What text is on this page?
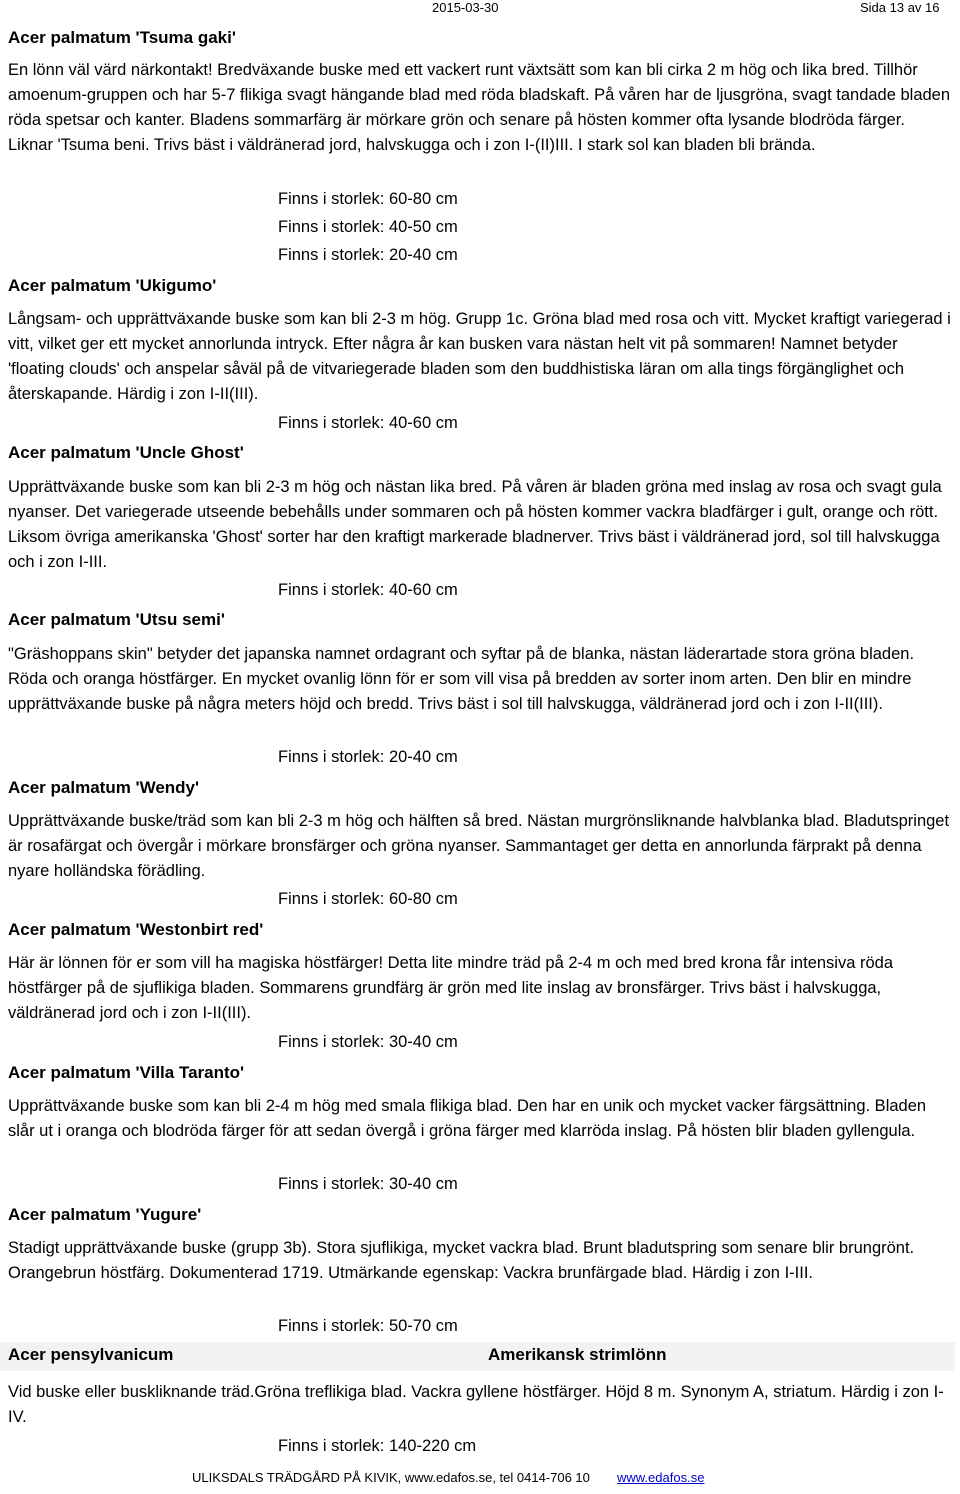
2015-03-30	Sida 13 av 16
Acer palmatum 'Tsuma gaki'
En lönn väl värd närkontakt! Bredväxande buske med ett vackert runt växtsätt som kan bli cirka 2 m hög och lika bred. Tillhör amoenum-gruppen och har 5-7 flikiga svagt hängande blad med röda bladskaft. På våren har de ljusgröna, svagt tandade bladen röda spetsar och kanter. Bladens sommarfärg är mörkare grön och senare på hösten kommer ofta lysande blodröda färger. Liknar 'Tsuma beni. Trivs bäst i väldränerad jord, halvskugga och i zon I-(II)III. I stark sol kan bladen bli brända.
Finns i storlek: 60-80 cm
Finns i storlek: 40-50 cm
Finns i storlek: 20-40 cm
Acer palmatum 'Ukigumo'
Långsam- och upprättväxande buske som kan bli 2-3 m hög. Grupp 1c. Gröna blad med rosa och vitt. Mycket kraftigt variegerad i vitt, vilket ger ett mycket annorlunda intryck. Efter några år kan busken vara nästan helt vit på sommaren! Namnet betyder 'floating clouds' och anspelar såväl på de vitvariegerade bladen som den buddhistiska läran om alla tings förgänglighet och återskapande. Härdig i zon I-II(III).
Finns i storlek: 40-60 cm
Acer palmatum 'Uncle Ghost'
Upprättväxande buske som kan bli 2-3 m hög och nästan lika bred. På våren är bladen gröna med inslag av rosa och svagt gula nyanser. Det variegerade utseende bebehålls under sommaren och på hösten kommer vackra bladfärger i gult, orange och rött. Liksom övriga amerikanska 'Ghost' sorter har den kraftigt markerade bladnerver. Trivs bäst i väldränerad jord, sol till halvskugga och i zon I-III.
Finns i storlek: 40-60 cm
Acer palmatum 'Utsu semi'
"Gräshoppans skin" betyder det japanska namnet ordagrant och syftar på de blanka, nästan läderartade stora gröna bladen. Röda och oranga höstfärger. En mycket ovanlig lönn för er som vill visa på bredden av sorter inom arten. Den blir en mindre upprättväxande buske på några meters höjd och bredd. Trivs bäst i sol till halvskugga, väldränerad jord och i zon I-II(III).
Finns i storlek: 20-40 cm
Acer palmatum 'Wendy'
Upprättväxande buske/träd som kan bli 2-3 m hög och hälften så bred. Nästan murgrönsliknande halvblanka blad. Bladutspringet är rosafärgat och övergår i mörkare bronsfärger och gröna nyanser. Sammantaget ger detta en annorlunda färprakt på denna nyare holländska förädling.
Finns i storlek: 60-80 cm
Acer palmatum 'Westonbirt red'
Här är lönnen för er som vill ha magiska höstfärger! Detta lite mindre träd på 2-4 m och med bred krona får intensiva röda höstfärger på de sjuflikiga bladen. Sommarens grundfärg är grön med lite inslag av bronsfärger. Trivs bäst i halvskugga, väldränerad jord och i zon I-II(III).
Finns i storlek: 30-40 cm
Acer palmatum 'Villa Taranto'
Upprättväxande buske som kan bli 2-4 m hög med smala flikiga blad. Den har en unik och mycket vacker färgsättning. Bladen slår ut i oranga och blodröda färger för att sedan övergå i gröna färger med klarröda inslag. På hösten blir bladen gyllengula.
Finns i storlek: 30-40 cm
Acer palmatum 'Yugure'
Stadigt upprättväxande buske (grupp 3b). Stora sjuflikiga, mycket vackra blad. Brunt bladutspring som senare blir brungrönt. Orangebrun höstfärg. Dokumenterad 1719. Utmärkande egenskap: Vackra brunfärgade blad. Härdig i zon I-III.
Finns i storlek: 50-70 cm
Acer pensylvanicum	Amerikansk strimlönn
Vid buske eller buskliknande träd.Gröna treflikiga blad. Vackra gyllene höstfärger. Höjd 8 m. Synonym A, striatum. Härdig i zon I-IV.
Finns i storlek: 140-220 cm
ULIKSDALS TRÄDGÅRD PÅ KIVIK, www.edafos.se, tel 0414-706 10 www.edafos.se
